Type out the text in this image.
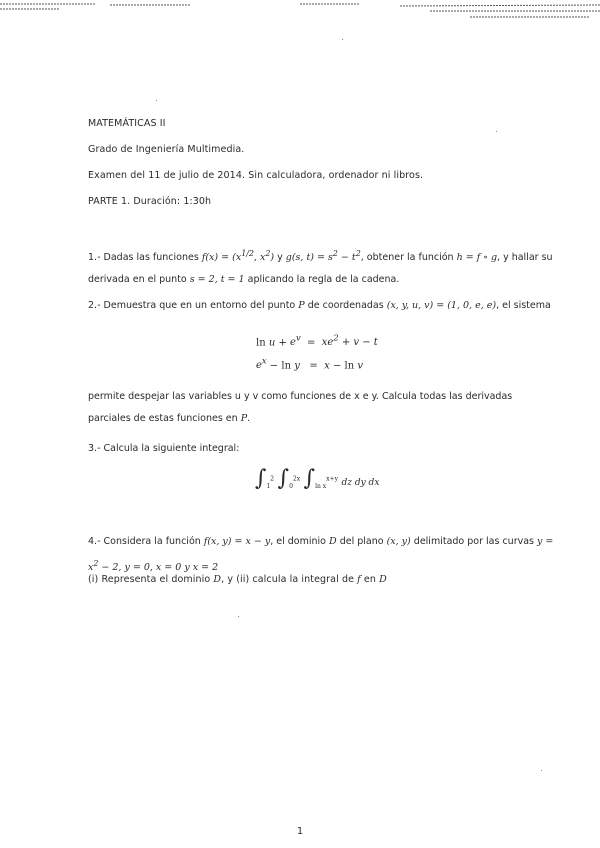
MATEMÁTICAS II
Grado de Ingeniería Multimedia.
Examen del 11 de julio de 2014. Sin calculadora, ordenador ni libros.
PARTE 1. Duración: 1:30h
1.- Dadas las funciones $f(x) = (x^{1/2}$, $x^2$) y g(s, $t) = s^2 - t^2$, obtener la función h = f ∘ g, y hallar su derivada en el punto s = 2, t = 1 aplicando la regla de la cadena.
2.- Demuestra que en un entorno del punto P de coordenadas (x, y, u, v) = (1, 0, e, e), el sistema
$\ln u + e^v = xe^2 + v - t$
$e^x - \ln y = x - \ln v$
permite despejar las variables u y v como funciones de x e y. Calcula todas las derivadas parciales de estas funciones en P.
3.- Calcula la siguiente integral:
$\int_1^2$ $\int_0^{2x}$ $\int_{ln x}^{x+y}$ dz dy dx
4.- Considera la función f(x, y) = x − y, el dominio D del plano (x, y) delimitado por las curvas $y = x^2 - 2$, y = 0, x = 0 y x = 2
(i) Representa el dominio D, y (ii) calcula la integral de f en D
1
